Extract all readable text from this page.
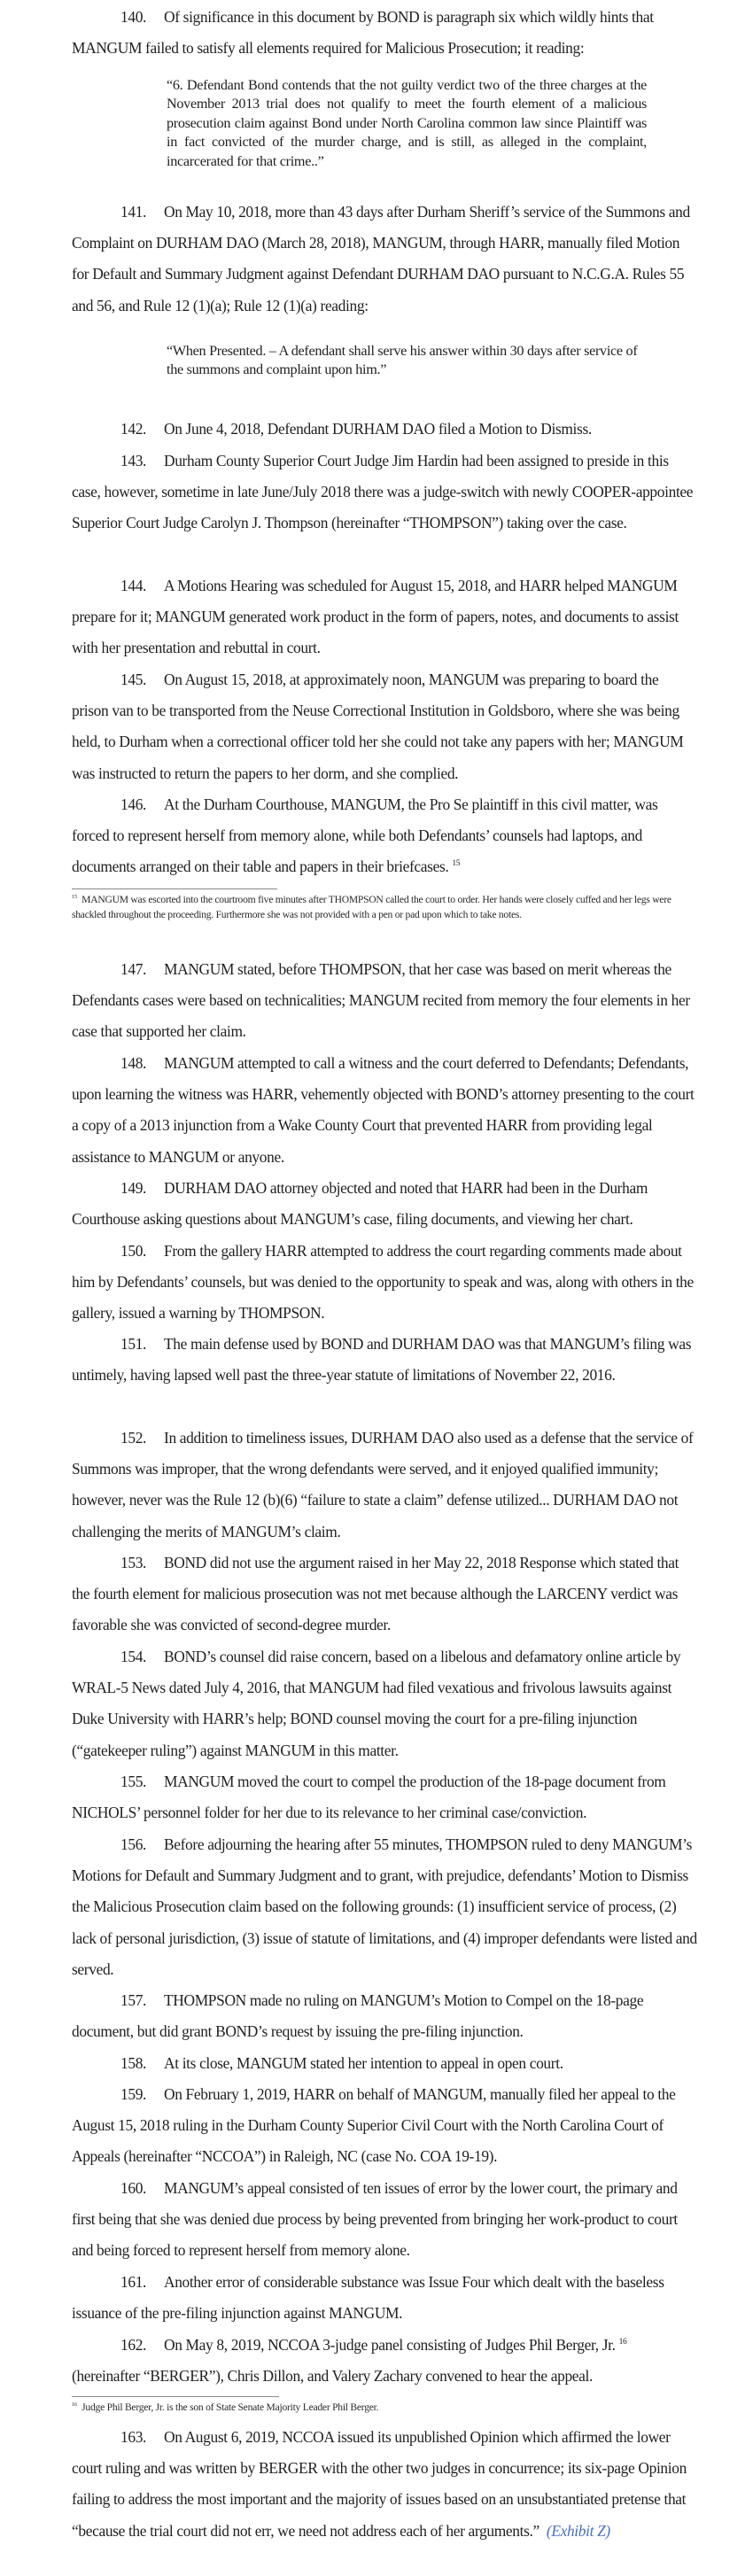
140. Of significance in this document by BOND is paragraph six which wildly hints that MANGUM failed to satisfy all elements required for Malicious Prosecution; it reading:

“6. Defendant Bond contends that the not guilty verdict two of the three charges at the November 2013 trial does not qualify to meet the fourth element of a malicious prosecution claim against Bond under North Carolina common law since Plaintiff was in fact convicted of the murder charge, and is still, as alleged in the complaint, incarcerated for that crime..”

141. On May 10, 2018, more than 43 days after Durham Sheriff’s service of the Summons and Complaint on DURHAM DAO (March 28, 2018), MANGUM, through HARR, manually filed Motion for Default and Summary Judgment against Defendant DURHAM DAO pursuant to N.C.G.A. Rules 55 and 56, and Rule 12 (1)(a); Rule 12 (1)(a) reading:

“When Presented. – A defendant shall serve his answer within 30 days after service of the summons and complaint upon him.”

142. On June 4, 2018, Defendant DURHAM DAO filed a Motion to Dismiss.

143. Durham County Superior Court Judge Jim Hardin had been assigned to preside in this case, however, sometime in late June/July 2018 there was a judge-switch with newly COOPER-appointee Superior Court Judge Carolyn J. Thompson (hereinafter “THOMPSON”) taking over the case.

144. A Motions Hearing was scheduled for August 15, 2018, and HARR helped MANGUM prepare for it; MANGUM generated work product in the form of papers, notes, and documents to assist with her presentation and rebuttal in court.

145. On August 15, 2018, at approximately noon, MANGUM was preparing to board the prison van to be transported from the Neuse Correctional Institution in Goldsboro, where she was being held, to Durham when a correctional officer told her she could not take any papers with her; MANGUM was instructed to return the papers to her dorm, and she complied.

146. At the Durham Courthouse, MANGUM, the Pro Se plaintiff in this civil matter, was forced to represent herself from memory alone, while both Defendants’ counsels had laptops, and documents arranged on their table and papers in their briefcases. $^{15}$

$^{15}$ MANGUM was escorted into the courtroom five minutes after THOMPSON called the court to order. Her hands were closely cuffed and her legs were shackled throughout the proceeding. Furthermore she was not provided with a pen or pad upon which to take notes.

147. MANGUM stated, before THOMPSON, that her case was based on merit whereas the Defendants cases were based on technicalities; MANGUM recited from memory the four elements in her case that supported her claim.

148. MANGUM attempted to call a witness and the court deferred to Defendants; Defendants, upon learning the witness was HARR, vehemently objected with BOND’s attorney presenting to the court a copy of a 2013 injunction from a Wake County Court that prevented HARR from providing legal assistance to MANGUM or anyone.

149. DURHAM DAO attorney objected and noted that HARR had been in the Durham Courthouse asking questions about MANGUM’s case, filing documents, and viewing her chart.

150. From the gallery HARR attempted to address the court regarding comments made about him by Defendants’ counsels, but was denied to the opportunity to speak and was, along with others in the gallery, issued a warning by THOMPSON.

151. The main defense used by BOND and DURHAM DAO was that MANGUM’s filing was untimely, having lapsed well past the three-year statute of limitations of November 22, 2016.

152. In addition to timeliness issues, DURHAM DAO also used as a defense that the service of Summons was improper, that the wrong defendants were served, and it enjoyed qualified immunity; however, never was the Rule 12 (b)(6) “failure to state a claim” defense utilized... DURHAM DAO not challenging the merits of MANGUM’s claim.

153. BOND did not use the argument raised in her May 22, 2018 Response which stated that the fourth element for malicious prosecution was not met because although the LARCENY verdict was favorable she was convicted of second-degree murder.

154. BOND’s counsel did raise concern, based on a libelous and defamatory online article by WRAL-5 News dated July 4, 2016, that MANGUM had filed vexatious and frivolous lawsuits against Duke University with HARR’s help; BOND counsel moving the court for a pre-filing injunction (“gatekeeper ruling”) against MANGUM in this matter.

155. MANGUM moved the court to compel the production of the 18-page document from NICHOLS’ personnel folder for her due to its relevance to her criminal case/conviction.

156. Before adjourning the hearing after 55 minutes, THOMPSON ruled to deny MANGUM’s Motions for Default and Summary Judgment and to grant, with prejudice, defendants’ Motion to Dismiss the Malicious Prosecution claim based on the following grounds: (1) insufficient service of process, (2) lack of personal jurisdiction, (3) issue of statute of limitations, and (4) improper defendants were listed and served.

157. THOMPSON made no ruling on MANGUM’s Motion to Compel on the 18-page document, but did grant BOND’s request by issuing the pre-filing injunction.

158. At its close, MANGUM stated her intention to appeal in open court.

159. On February 1, 2019, HARR on behalf of MANGUM, manually filed her appeal to the August 15, 2018 ruling in the Durham County Superior Civil Court with the North Carolina Court of Appeals (hereinafter “NCCOA”) in Raleigh, NC (case No. COA 19-19).

160. MANGUM’s appeal consisted of ten issues of error by the lower court, the primary and first being that she was denied due process by being prevented from bringing her work-product to court and being forced to represent herself from memory alone.

161. Another error of considerable substance was Issue Four which dealt with the baseless issuance of the pre-filing injunction against MANGUM.

162. On May 8, 2019, NCCOA 3-judge panel consisting of Judges Phil Berger, Jr. $^{16}$
(hereinafter “BERGER”), Chris Dillon, and Valery Zachary convened to hear the appeal.

$^{16}$ Judge Phil Berger, Jr. is the son of State Senate Majority Leader Phil Berger.

163. On August 6, 2019, NCCOA issued its unpublished Opinion which affirmed the lower court ruling and was written by BERGER with the other two judges in concurrence; its six-page Opinion failing to address the most important and the majority of issues based on an unsubstantiated pretense that “because the trial court did not err, we need not address each of her arguments.” (Exhibit Z)
